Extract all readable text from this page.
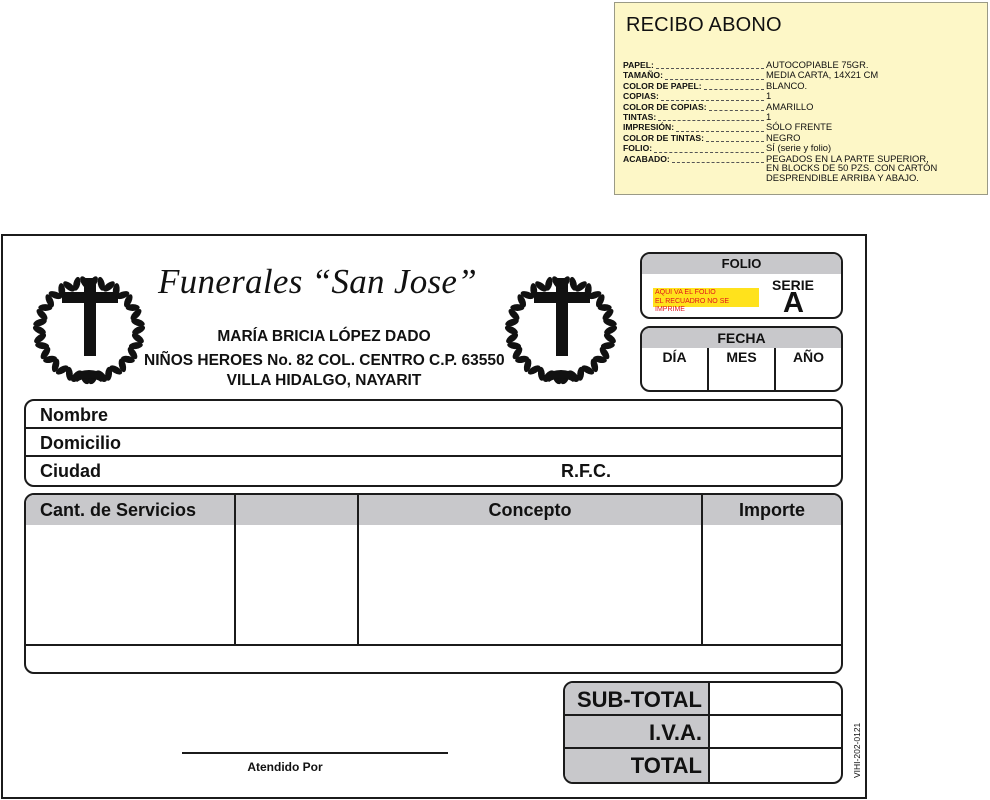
RECIBO ABONO
PAPEL:	AUTOCOPIABLE 75GR.
TAMAÑO:	MEDIA CARTA, 14X21 CM
COLOR DE PAPEL:	BLANCO.
COPIAS:	1
COLOR DE COPIAS:	AMARILLO
TINTAS:	1
IMPRESIÓN:	SÓLO FRENTE
COLOR DE TINTAS:	NEGRO
FOLIO:	SÍ (serie y folio)
ACABADO:	PEGADOS EN LA PARTE SUPERIOR,
EN BLOCKS DE 50 PZS. CON CARTÓN
DESPRENDIBLE ARRIBA Y ABAJO.
Funerales “San Jose”
MARÍA BRICIA LÓPEZ DADO
NIÑOS HEROES No. 82 COL. CENTRO C.P. 63550
VILLA HIDALGO, NAYARIT
FOLIO
AQUI VA EL FOLIO
EL RECUADRO NO SE IMPRIME
SERIE
A
FECHA
DÍA	MES	AÑO
Nombre
Domicilio
Ciudad	R.F.C.
Cant. de Servicios	Concepto	Importe
SUB-TOTAL
I.V.A.
TOTAL
Atendido Por	VIHI-202-0121
